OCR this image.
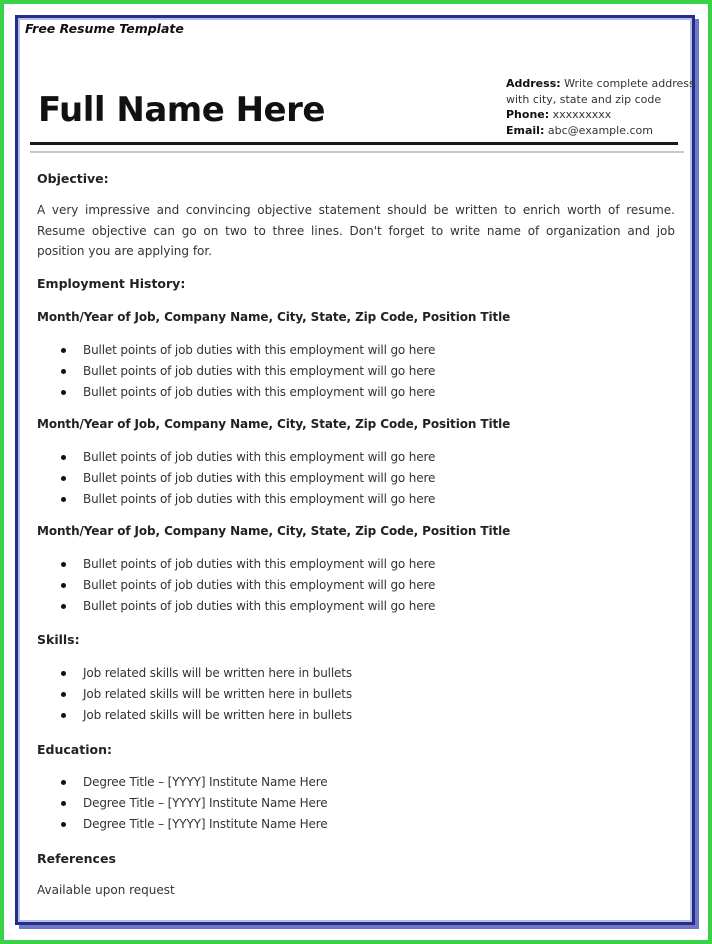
Free Resume Template
Full Name Here
Address: Write complete address
with city, state and zip code
Phone: xxxxxxxxx
Email: abc@example.com
Objective:
A very impressive and convincing objective statement should be written to enrich worth of resume. Resume objective can go on two to three lines. Don't forget to write name of organization and job position you are applying for.
Employment History:
Month/Year of Job, Company Name, City, State, Zip Code, Position Title
Bullet points of job duties with this employment will go here
Bullet points of job duties with this employment will go here
Bullet points of job duties with this employment will go here
Month/Year of Job, Company Name, City, State, Zip Code, Position Title
Bullet points of job duties with this employment will go here
Bullet points of job duties with this employment will go here
Bullet points of job duties with this employment will go here
Month/Year of Job, Company Name, City, State, Zip Code, Position Title
Bullet points of job duties with this employment will go here
Bullet points of job duties with this employment will go here
Bullet points of job duties with this employment will go here
Skills:
Job related skills will be written here in bullets
Job related skills will be written here in bullets
Job related skills will be written here in bullets
Education:
Degree Title – [YYYY] Institute Name Here
Degree Title – [YYYY] Institute Name Here
Degree Title – [YYYY] Institute Name Here
References
Available upon request
